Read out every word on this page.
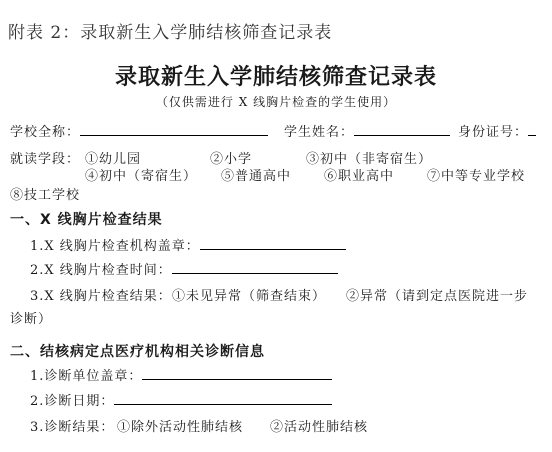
附表 2：录取新生入学肺结核筛查记录表
录取新生入学肺结核筛查记录表
（仅供需进行 X 线胸片检查的学生使用）
学校全称：	学生姓名：	身份证号：
就读学段： ①幼儿园	②小学	③初中（非寄宿生）
④初中（寄宿生） ⑤普通高中	⑥职业高中	⑦中等专业学校
⑧技工学校
一、X 线胸片检查结果
1.X 线胸片检查机构盖章：
2.X 线胸片检查时间：
3.X 线胸片检查结果： ①未见异常（筛查结束） ②异常（请到定点医院进一步
诊断）
二、结核病定点医疗机构相关诊断信息
1.诊断单位盖章：
2.诊断日期：
3.诊断结果： ①除外活动性肺结核 ②活动性肺结核
